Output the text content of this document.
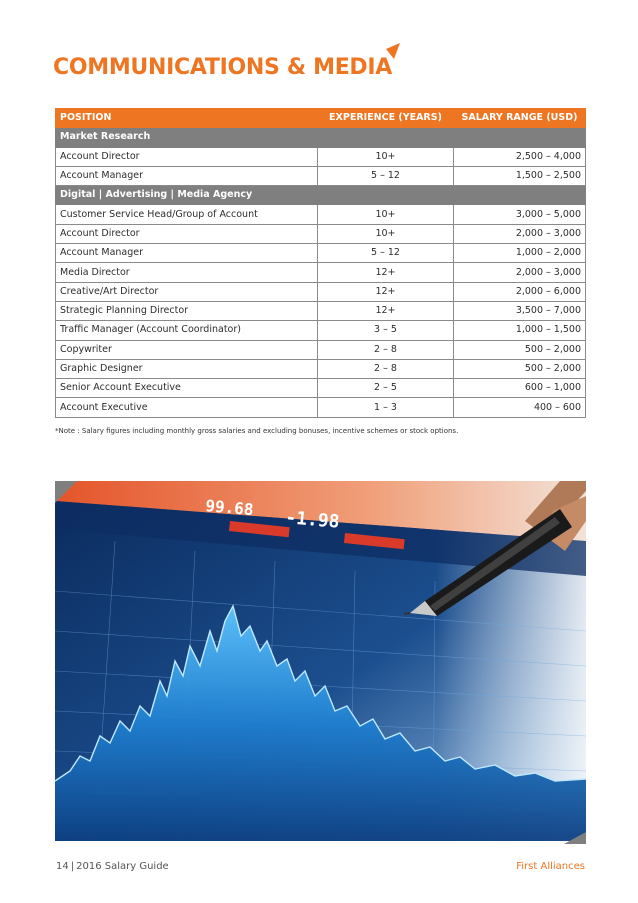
COMMUNICATIONS & MEDIA
POSITION	EXPERIENCE (YEARS)	SALARY RANGE (USD)
Market Research		
Account Director	10+	2,500 – 4,000
Account Manager	5 – 12	1,500 – 2,500
Digital | Advertising | Media Agency		
Customer Service Head/Group of Account	10+	3,000 – 5,000
Account Director	10+	2,000 – 3,000
Account Manager	5 – 12	1,000 – 2,000
Media Director	12+	2,000 – 3,000
Creative/Art Director	12+	2,000 – 6,000
Strategic Planning Director	12+	3,500 – 7,000
Traffic Manager (Account Coordinator)	3 – 5	1,000 – 1,500
Copywriter	2 – 8	500 – 2,000
Graphic Designer	2 – 8	500 – 2,000
Senior Account Executive	2 – 5	600 – 1,000
Account Executive	1 – 3	400 – 600
*Note : Salary figures including monthly gross salaries and excluding bonuses, incentive schemes or stock options.
99.68 -1.98
14 | 2016 Salary Guide	First Alliances
